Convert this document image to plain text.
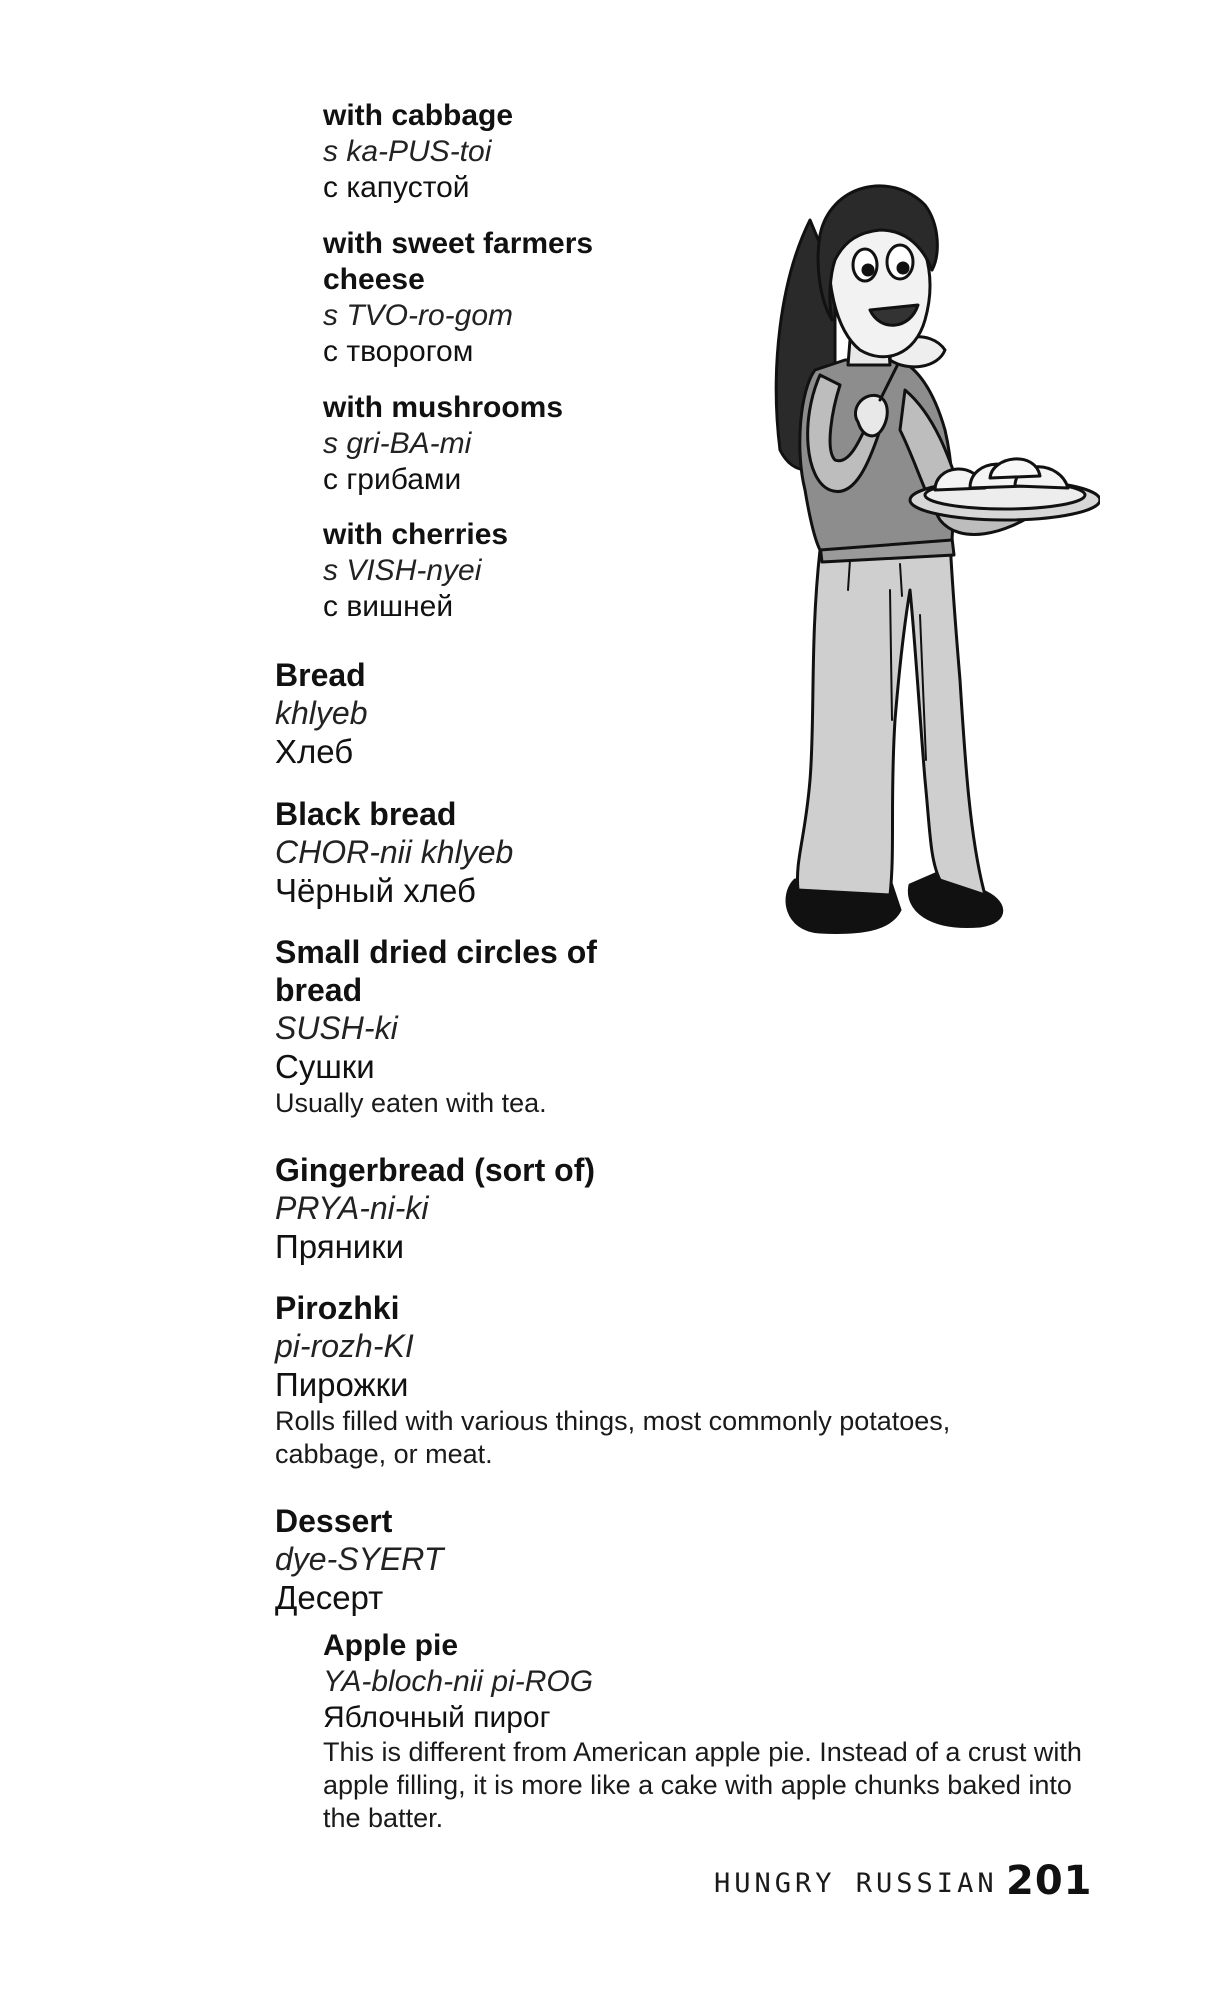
with cabbage
s ka-PUS-toi
с капустой
with sweet farmers cheese
s TVO-ro-gom
с творогом
with mushrooms
s gri-BA-mi
с грибами
with cherries
s VISH-nyei
с вишней
Bread
khlyeb
Хлеб
Black bread
CHOR-nii khlyeb
Чёрный хлеб
Small dried circles of bread
SUSH-ki
Сушки
Usually eaten with tea.
Gingerbread (sort of)
PRYA-ni-ki
Пряники
Pirozhki
pi-rozh-KI
Пирожки
Rolls filled with various things, most commonly potatoes, cabbage, or meat.
Dessert
dye-SYERT
Десерт
Apple pie
YA-bloch-nii pi-ROG
Яблочный пирог
This is different from American apple pie. Instead of a crust with apple filling, it is more like a cake with apple chunks baked into the batter.
HUNGRY RUSSIAN 201
